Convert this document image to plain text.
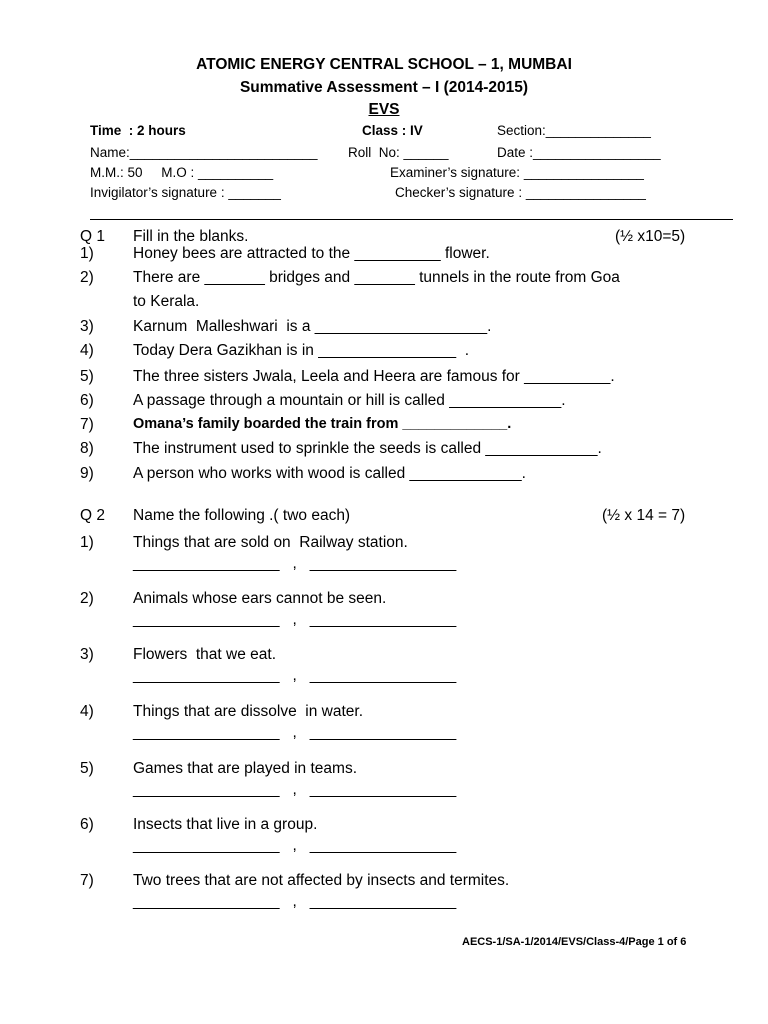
ATOMIC ENERGY CENTRAL SCHOOL – 1, MUMBAI
Summative Assessment – I (2014-2015)
EVS
Time  : 2 hours	Class : IV	Section:______________
Name:_________________________ Roll  No: ______	Date :_________________
M.M.: 50     M.O : __________	Examiner’s signature: ________________
Invigilator’s signature : _______	Checker’s signature : ________________
Q 1 Fill in the blanks.	(½ x10=5)
1)	Honey bees are attracted to the __________ flower.
2)	There are _______ bridges and _______ tunnels in the route from Goa
to Kerala.
3)	Karnum  Malleshwari  is a ____________________.
4)	Today Dera Gazikhan is in ________________  .
5)	The three sisters Jwala, Leela and Heera are famous for __________.
6)	A passage through a mountain or hill is called _____________.
7)	Omana’s family boarded the train from _____________.
8)	The instrument used to sprinkle the seeds is called _____________.
9)	A person who works with wood is called _____________.
Q 2 Name the following .( two each)	(½ x 14 = 7)
1)	Things that are sold on  Railway station.
_________________   ,   _________________
2)	Animals whose ears cannot be seen.
_________________   ,   _________________
3)	Flowers  that we eat.
_________________   ,   _________________
4)	Things that are dissolve  in water.
_________________   ,   _________________
5)	Games that are played in teams.
_________________   ,   _________________
6)	Insects that live in a group.
_________________   ,   _________________
7)	Two trees that are not affected by insects and termites.
_________________   ,   _________________
AECS-1/SA-1/2014/EVS/Class-4/Page 1 of 6
